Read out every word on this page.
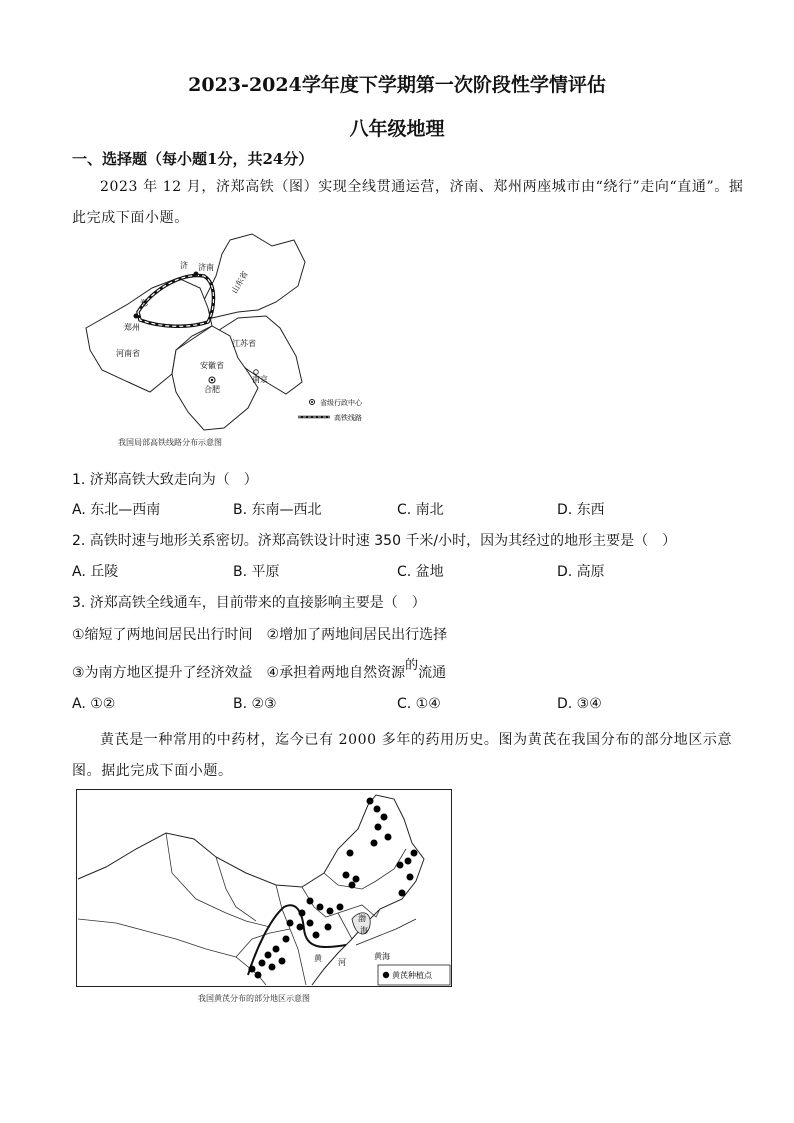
2023-2024学年度下学期第一次阶段性学情评估
八年级地理
一、选择题（每小题1分，共24分）
2023 年 12 月，济郑高铁（图）实现全线贯通运营，济南、郑州两座城市由“绕行”走向“直通”。据
此完成下面小题。
济南
山东省
郑州
济
郑
河南省
江苏省
安徽省
合肥
南京
省级行政中心
高铁线路
我国局部高铁线路分布示意图
1. 济郑高铁大致走向为（　）
A. 东北—西南	B. 东南—西北	C. 南北	D. 东西
2. 高铁时速与地形关系密切。济郑高铁设计时速 350 千米/小时，因为其经过的地形主要是（　）
A. 丘陵	B. 平原	C. 盆地	D. 高原
3. 济郑高铁全线通车，目前带来的直接影响主要是（　）
①缩短了两地间居民出行时间　②增加了两地间居民出行选择
③为南方地区提升了经济效益　④承担着两地自然资源的流通
A. ①②	B. ②③	C. ①④	D. ③④
黄芪是一种常用的中药材，迄今已有 2000 多年的药用历史。图为黄芪在我国分布的部分地区示意
图。据此完成下面小题。
渤
海
黄 河
黄海
黄芪种植点
我国黄芪分布的部分地区示意图
